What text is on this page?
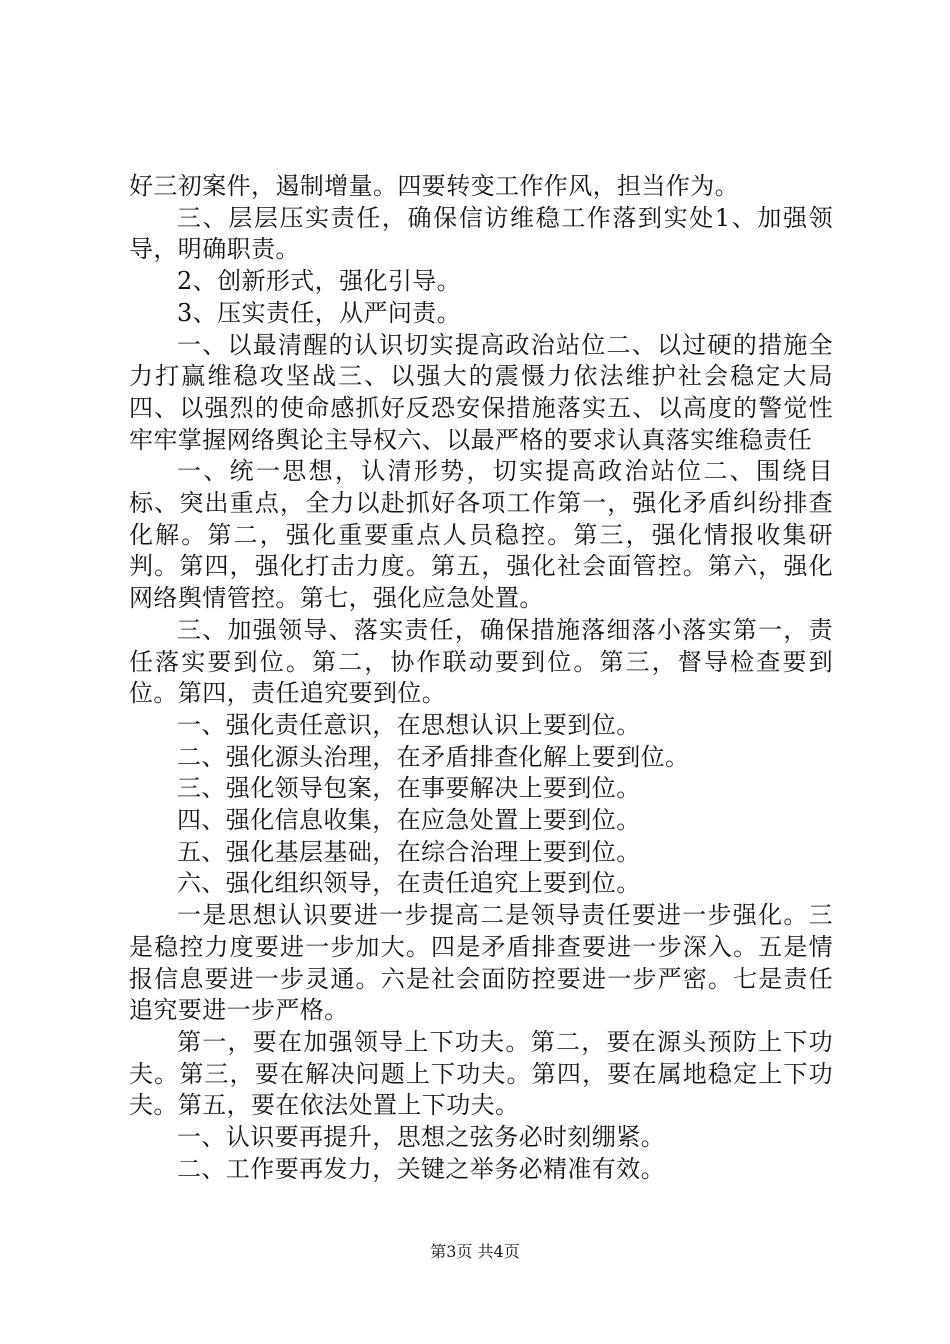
好三初案件，遏制增量。四要转变工作作风，担当作为。

三、层层压实责任，确保信访维稳工作落到实处1、加强领导，明确职责。

2、创新形式，强化引导。

3、压实责任，从严问责。

一、以最清醒的认识切实提高政治站位二、以过硬的措施全力打赢维稳攻坚战三、以强大的震慑力依法维护社会稳定大局四、以强烈的使命感抓好反恐安保措施落实五、以高度的警觉性牢牢掌握网络舆论主导权六、以最严格的要求认真落实维稳责任

一、统一思想，认清形势，切实提高政治站位二、围绕目标、突出重点，全力以赴抓好各项工作第一，强化矛盾纠纷排查化解。第二，强化重要重点人员稳控。第三，强化情报收集研判。第四，强化打击力度。第五，强化社会面管控。第六，强化网络舆情管控。第七，强化应急处置。

三、加强领导、落实责任，确保措施落细落小落实第一，责任落实要到位。第二，协作联动要到位。第三，督导检查要到位。第四，责任追究要到位。

一、强化责任意识，在思想认识上要到位。

二、强化源头治理，在矛盾排查化解上要到位。

三、强化领导包案，在事要解决上要到位。

四、强化信息收集，在应急处置上要到位。

五、强化基层基础，在综合治理上要到位。

六、强化组织领导，在责任追究上要到位。

一是思想认识要进一步提高二是领导责任要进一步强化。三是稳控力度要进一步加大。四是矛盾排查要进一步深入。五是情报信息要进一步灵通。六是社会面防控要进一步严密。七是责任追究要进一步严格。

第一，要在加强领导上下功夫。第二，要在源头预防上下功夫。第三，要在解决问题上下功夫。第四，要在属地稳定上下功夫。第五，要在依法处置上下功夫。

一、认识要再提升，思想之弦务必时刻绷紧。

二、工作要再发力，关键之举务必精准有效。

第3页 共4页
